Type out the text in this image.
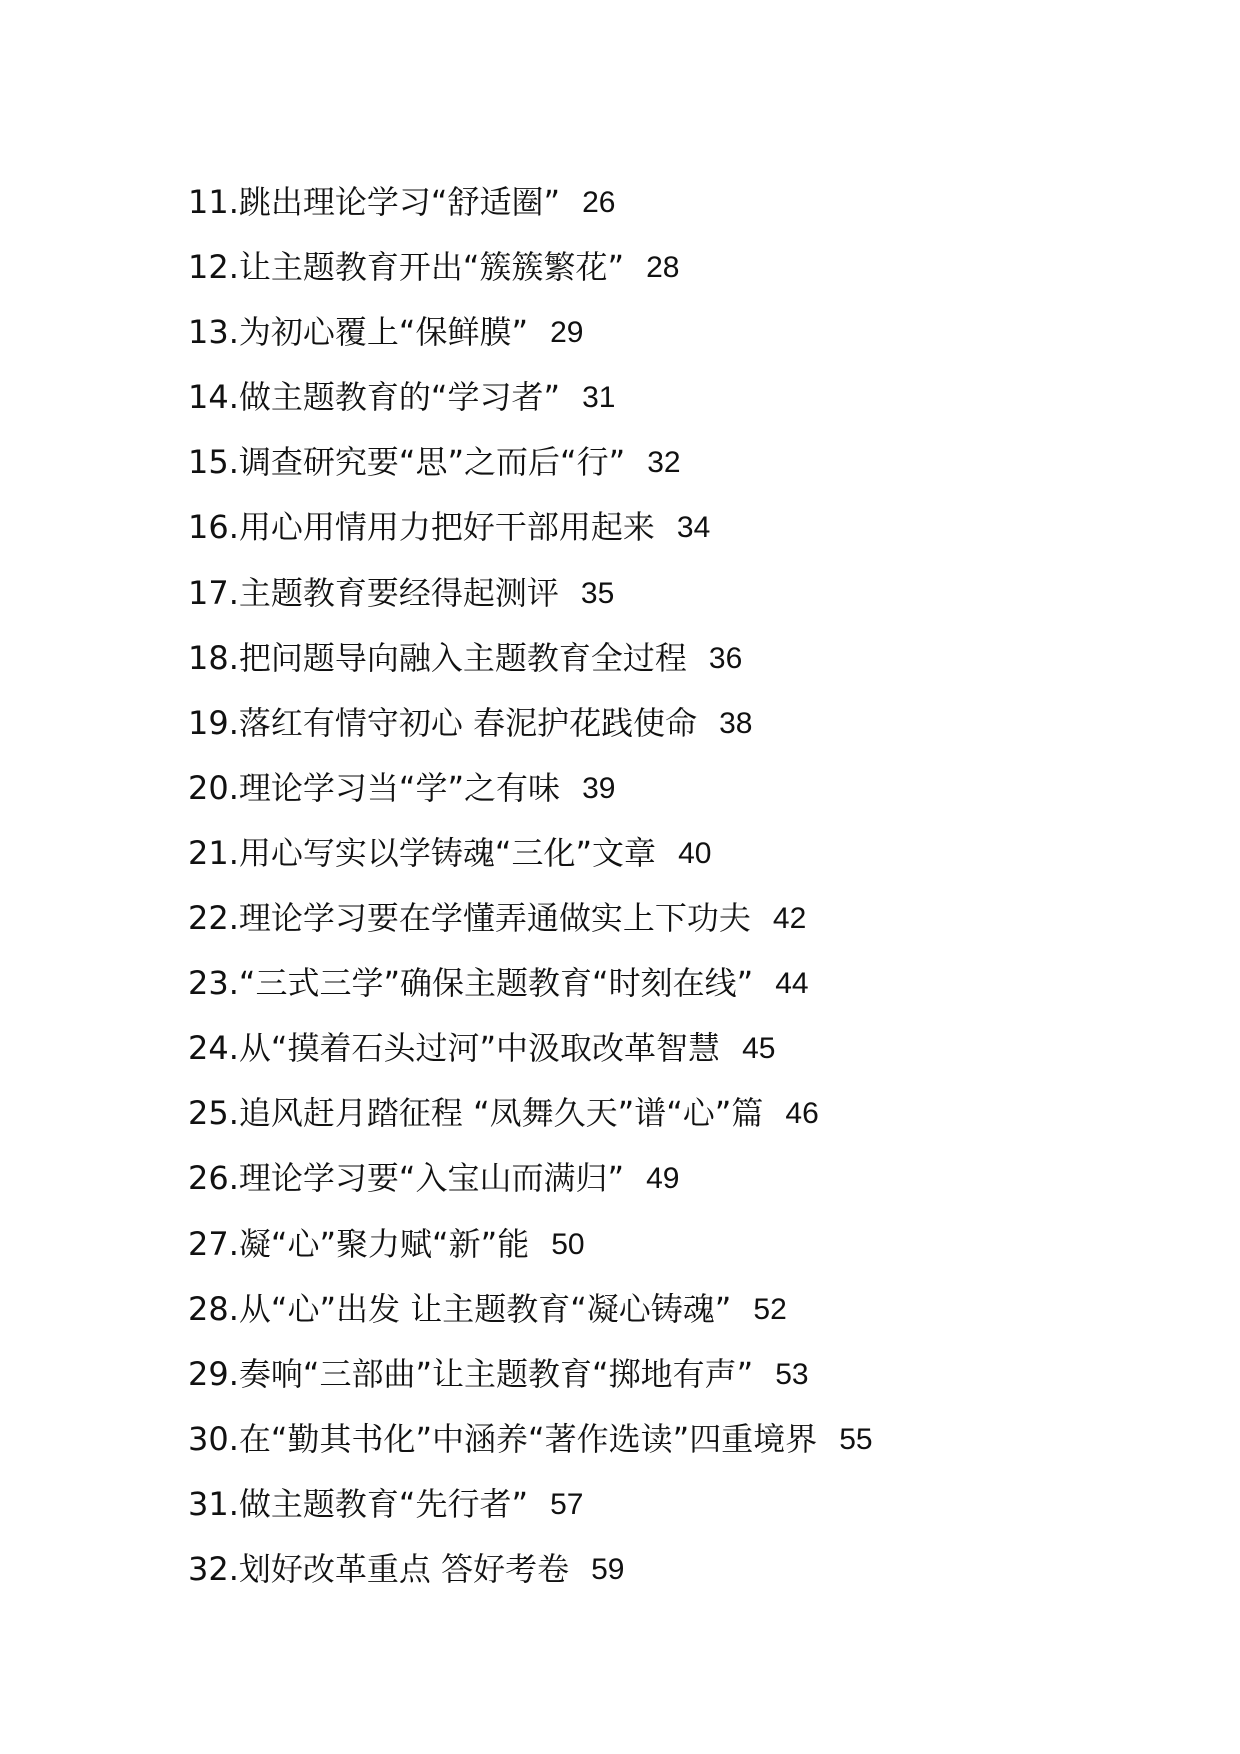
11.跳出理论学习“舒适圈” 26
12.让主题教育开出“簇簇繁花” 28
13.为初心覆上“保鲜膜” 29
14.做主题教育的“学习者” 31
15.调查研究要“思”之而后“行” 32
16.用心用情用力把好干部用起来 34
17.主题教育要经得起测评 35
18.把问题导向融入主题教育全过程 36
19.落红有情守初心 春泥护花践使命 38
20.理论学习当“学”之有味 39
21.用心写实以学铸魂“三化”文章 40
22.理论学习要在学懂弄通做实上下功夫 42
23.“三式三学”确保主题教育“时刻在线” 44
24.从“摸着石头过河”中汲取改革智慧 45
25.追风赶月踏征程 “凤舞久天”谱“心”篇 46
26.理论学习要“入宝山而满归” 49
27.凝“心”聚力赋“新”能 50
28.从“心”出发 让主题教育“凝心铸魂” 52
29.奏响“三部曲”让主题教育“掷地有声” 53
30.在“勤其书化”中涵养“著作选读”四重境界 55
31.做主题教育“先行者” 57
32.划好改革重点 答好考卷 59
